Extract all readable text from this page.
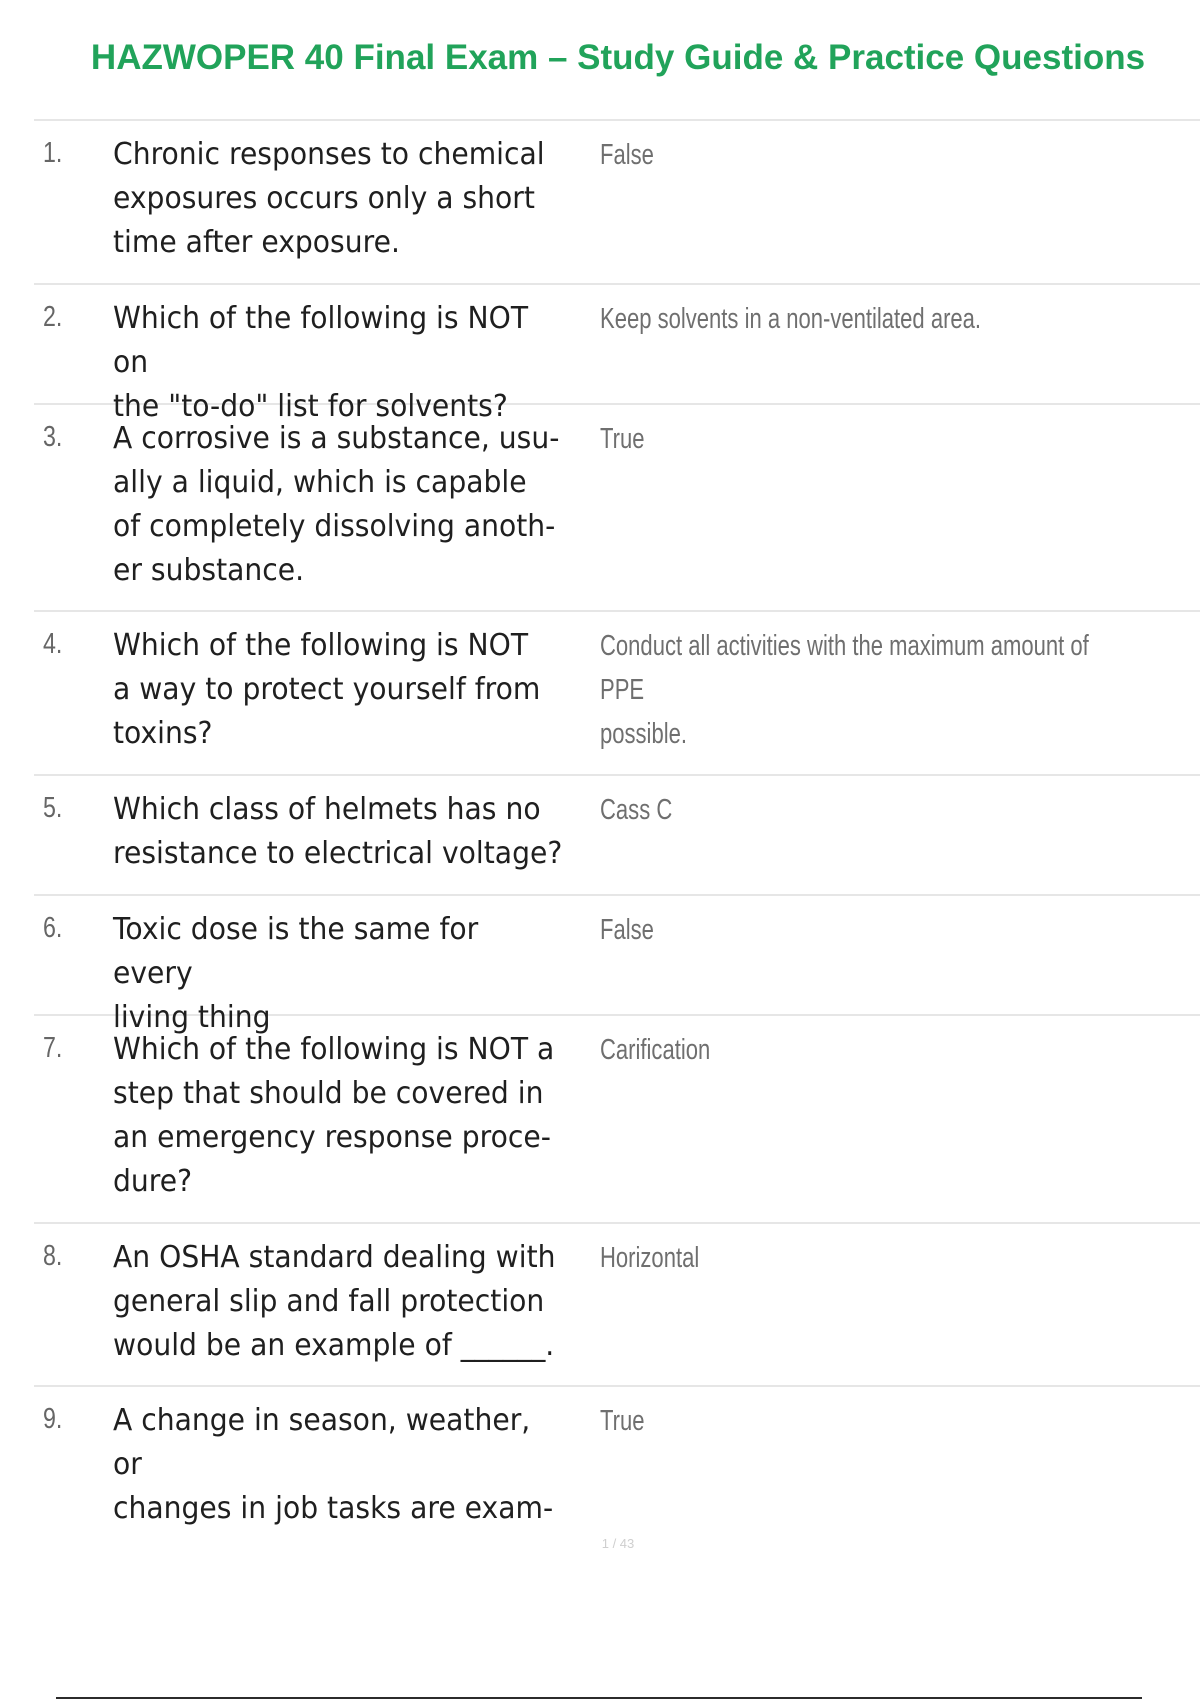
HAZWOPER 40 Final Exam – Study Guide & Practice Questions
1. Chronic responses to chemical
exposures occurs only a short
time after exposure.
False
2. Which of the following is NOT on
the "to-do" list for solvents?
Keep solvents in a non-ventilated area.
3. A corrosive is a substance, usu-
ally a liquid, which is capable
of completely dissolving anoth-
er substance.
True
4. Which of the following is NOT
a way to protect yourself from
toxins?
Conduct all activities with the maximum amount of PPE
possible.
5. Which class of helmets has no
resistance to electrical voltage?
Cass C
6. Toxic dose is the same for every
living thing
False
7. Which of the following is NOT a
step that should be covered in
an emergency response proce-
dure?
Carification
8. An OSHA standard dealing with
general slip and fall protection
would be an example of ______.
Horizontal
9. A change in season, weather, or
changes in job tasks are exam-
True
1 / 43
